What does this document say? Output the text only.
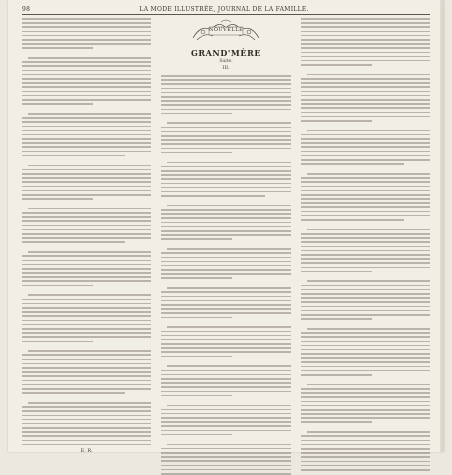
98	LA MODE ILLUSTRÉE, JOURNAL DE LA FAMILLE.
E. R.
NOUVELLE
GRAND'MÈRE
Suite.
III.
